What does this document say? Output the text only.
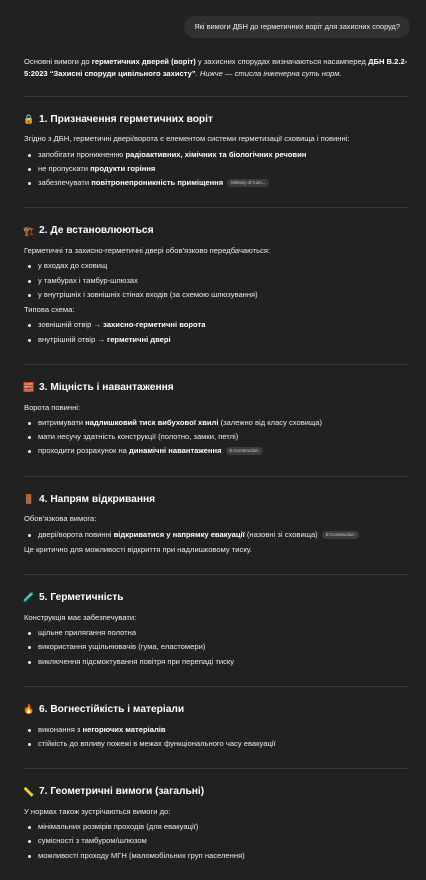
Які вимоги ДБН до герметичних воріт для захисних споруд?

Основні вимоги до герметичних дверей (воріт) у захисних спорудах визначаються насамперед ДБН В.2.2-5:2023 “Захисні споруди цивільного захисту”. Нижче — стисла інженерна суть норм.

🔒 1. Призначення герметичних воріт

Згідно з ДБН, герметичні двері/ворота є елементом системи герметизації сховища і повинні:

запобігати проникненню радіоактивних, хімічних та біологічних речовин
не пропускати продукти горіння
забезпечувати повітронепроникність приміщення Ministry of Com...
🏗️ 2. Де встановлюються

Герметичні та захисно-герметичні двері обов’язково передбачаються:

у входах до сховищ
у тамбурах і тамбур-шлюзах
у внутрішніх і зовнішніх стінах входів (за схемою шлюзування)

Типова схема:

зовнішній отвір → захисно-герметичні ворота
внутрішній отвір → герметичні двері
🧱 3. Міцність і навантаження

Ворота повинні:

витримувати надлишковий тиск вибухової хвилі (залежно від класу сховища)
мати несучу здатність конструкції (полотно, замки, петлі)
проходити розрахунок на динамічні навантаження E-Construction
🚪 4. Напрям відкривання

Обов’язкова вимога:

двері/ворота повинні відкриватися у напрямку евакуації (назовні зі сховища) E-Construction

Це критично для можливості відкриття при надлишковому тиску.

🧪 5. Герметичність

Конструкція має забезпечувати:

щільне прилягання полотна
використання ущільнювачів (гума, еластомери)
виключення підсмоктування повітря при перепаді тиску
🔥 6. Вогнестійкість і матеріали
виконання з негорючих матеріалів
стійкість до впливу пожежі в межах функціонального часу евакуації
📏 7. Геометричні вимоги (загальні)

У нормах також зустрічаються вимоги до:

мінімальних розмірів проходів (для евакуації)
сумісності з тамбуром/шлюзом
можливості проходу МГН (маломобільних груп населення)
